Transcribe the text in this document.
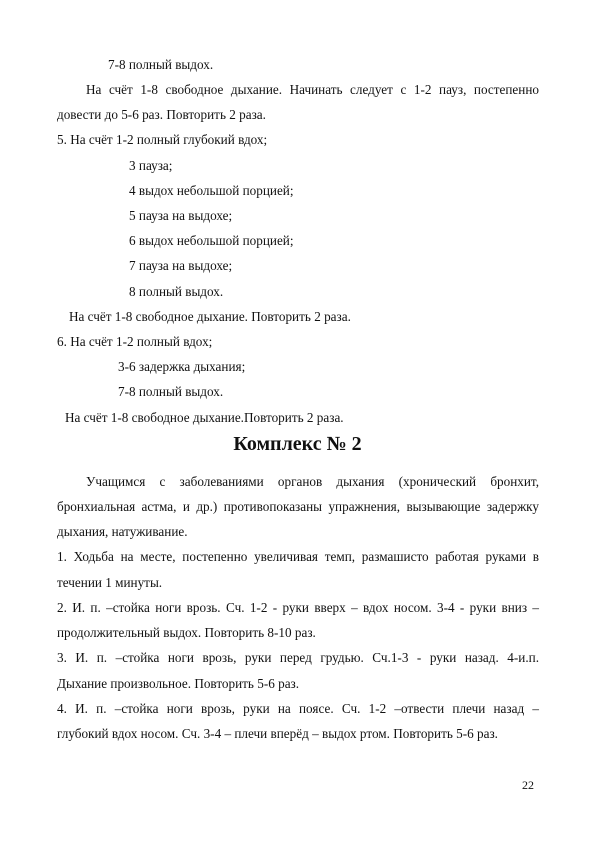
7-8 полный выдох.
На счёт 1-8 свободное дыхание. Начинать следует с 1-2 пауз, постепенно
довести до 5-6 раз. Повторить 2 раза.
5. На счёт 1-2 полный глубокий вдох;
3 пауза;
4 выдох небольшой порцией;
5 пауза на выдохе;
6 выдох небольшой порцией;
7 пауза на выдохе;
8 полный выдох.
На счёт 1-8 свободное дыхание. Повторить 2 раза.
6. На счёт 1-2 полный вдох;
3-6 задержка дыхания;
7-8 полный выдох.
На счёт 1-8 свободное дыхание.Повторить 2 раза.
Комплекс № 2
Учащимся с заболеваниями органов дыхания (хронический бронхит,
бронхиальная астма, и др.) противопоказаны упражнения, вызывающие задержку
дыхания, натуживание.
1. Ходьба на месте, постепенно увеличивая темп, размашисто работая руками в
течении 1 минуты.
2. И. п. –стойка ноги врозь. Сч. 1-2 - руки вверх – вдох носом. 3-4 - руки вниз –
продолжительный выдох. Повторить 8-10 раз.
3. И. п. –стойка ноги врозь, руки перед грудью. Сч.1-3 - руки назад. 4-и.п.
Дыхание произвольное. Повторить 5-6 раз.
4. И. п. –стойка ноги врозь, руки на поясе. Сч. 1-2 –отвести плечи назад –
глубокий вдох носом. Сч. 3-4 – плечи вперёд – выдох ртом. Повторить 5-6 раз.
22
